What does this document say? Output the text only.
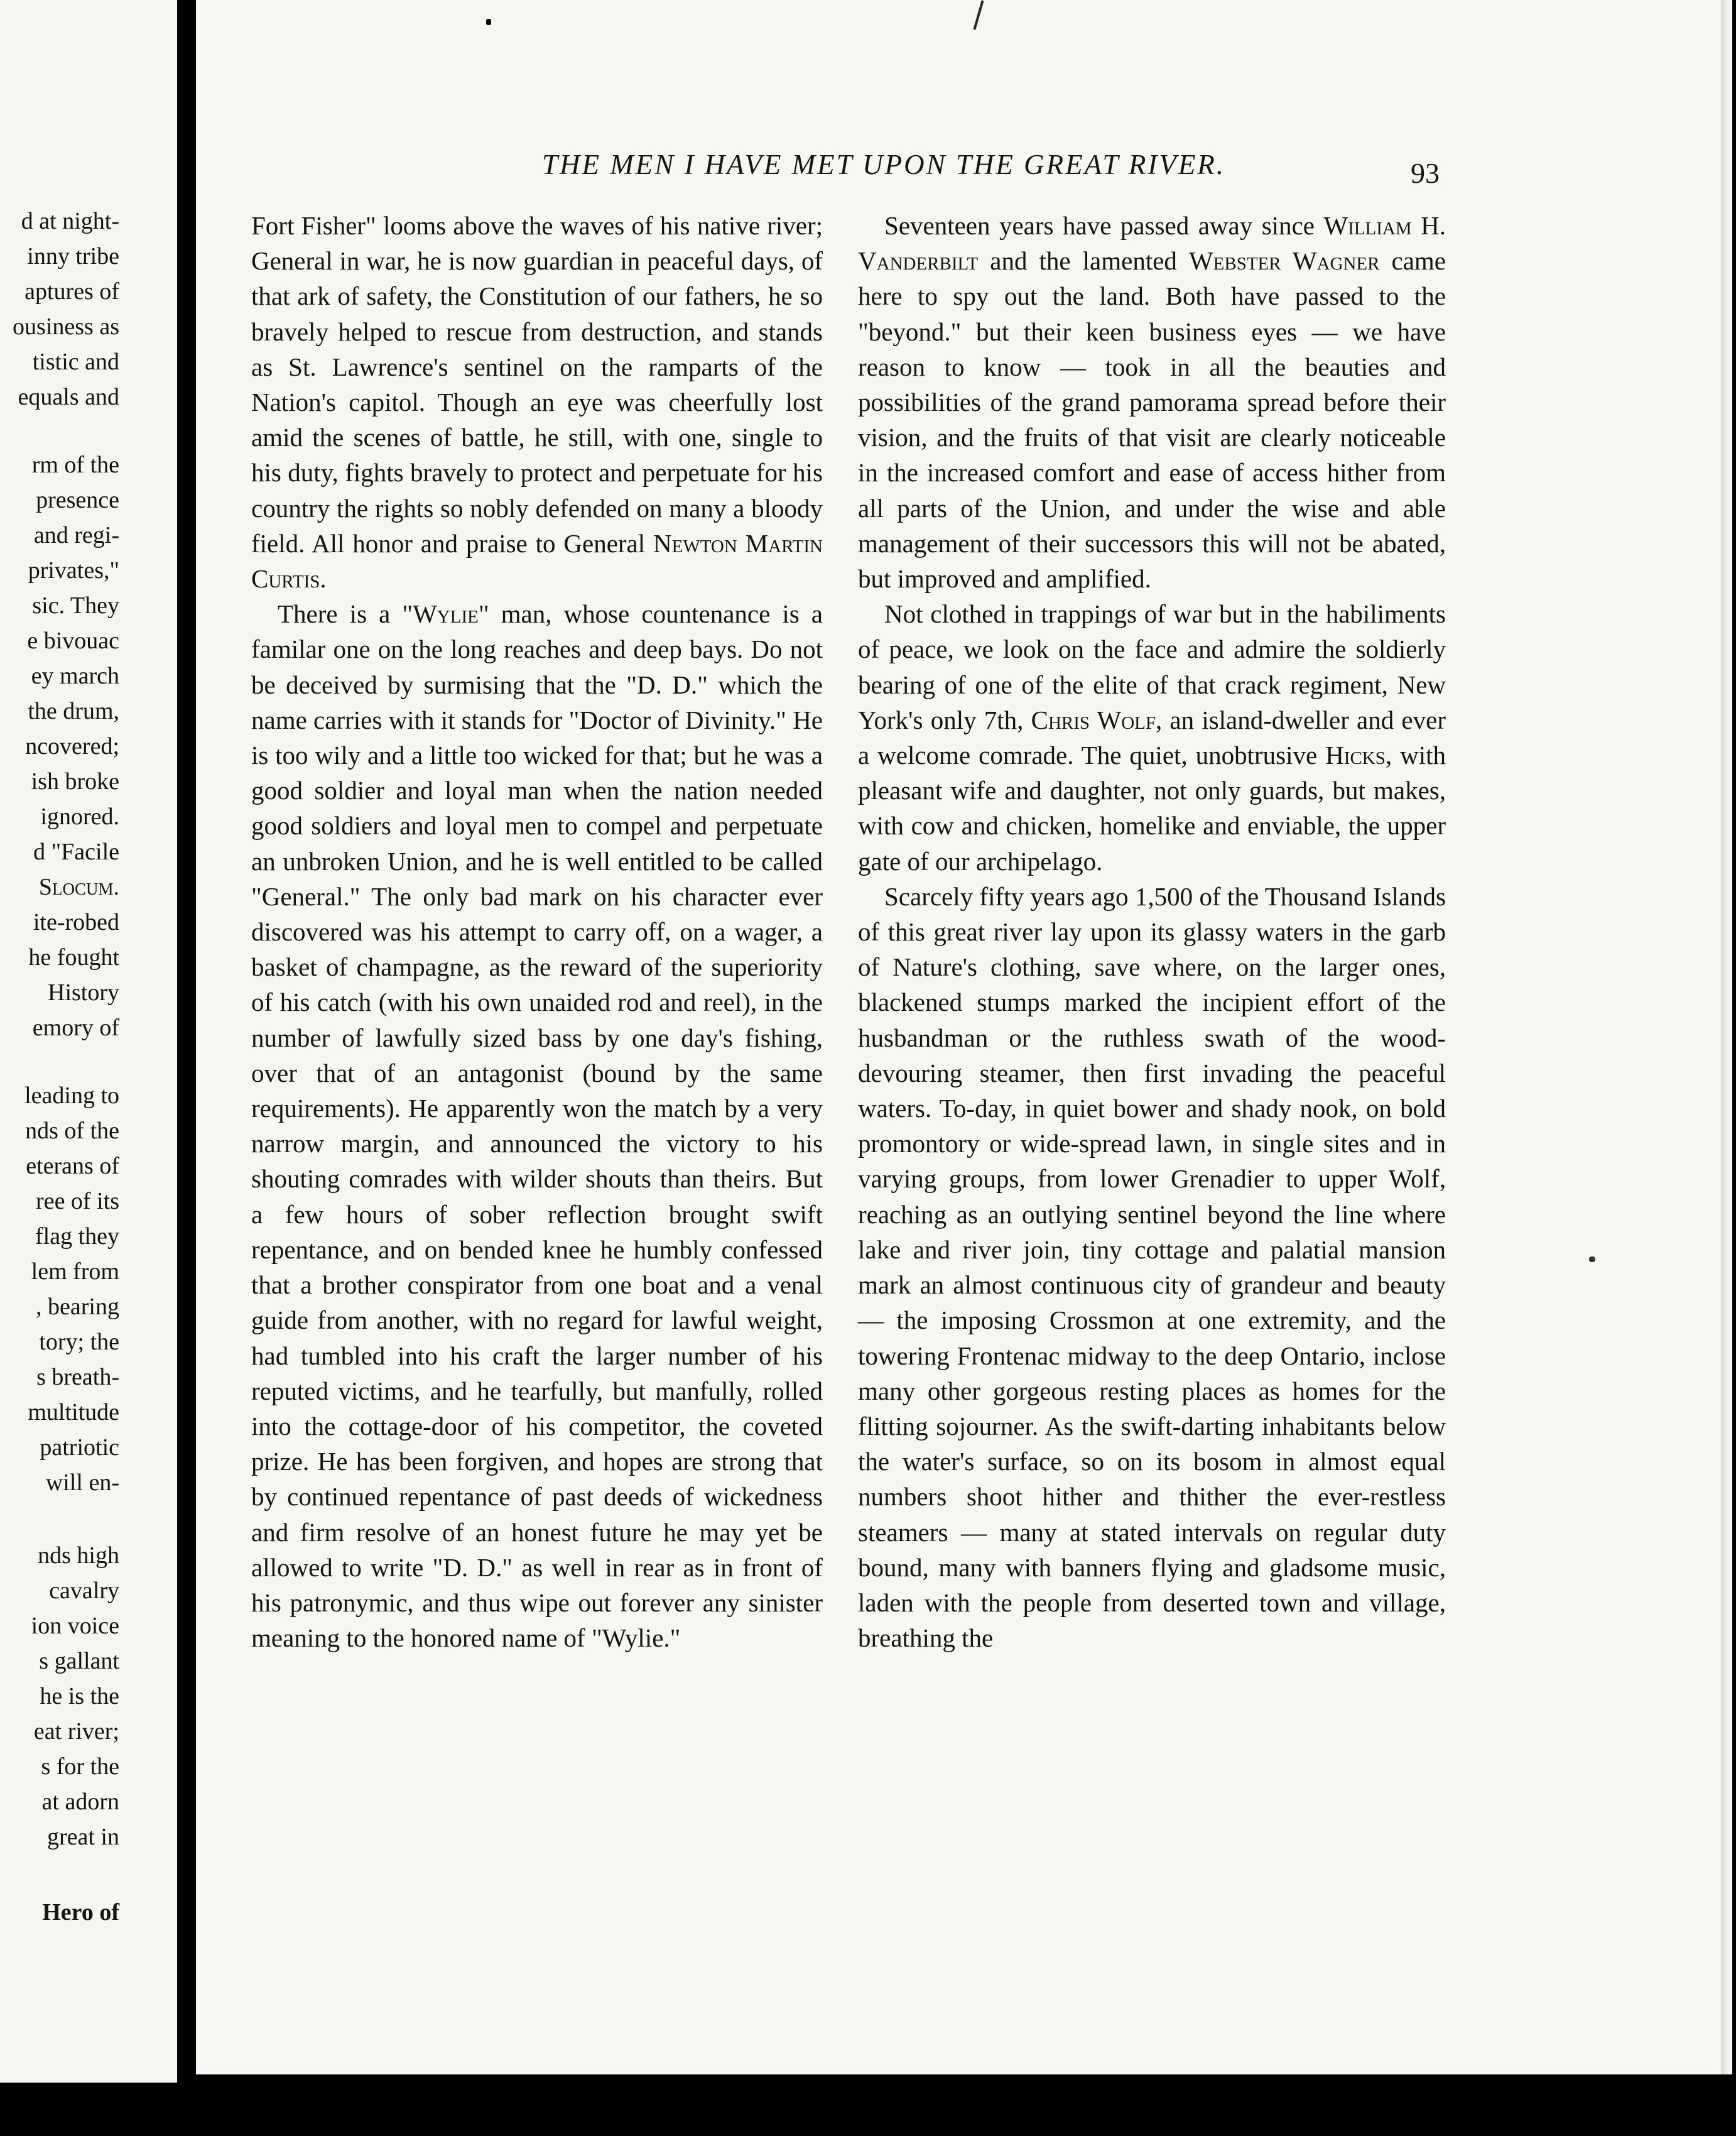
d at night-
inny tribe
aptures of
ousiness as
tistic and
equals and
rm of the
presence
and regi-
privates,"
sic. They
e bivouac
ey march
the drum,
ncovered;
ish broke
ignored.
d "Facile
Slocum.
ite-robed
he fought
History
emory of
leading to
nds of the
eterans of
ree of its
flag they
lem from
, bearing
tory; the
s breath-
multitude
patriotic
will en-
nds high
cavalry
ion voice
s gallant
he is the
eat river;
s for the
at adorn
great in
Hero of
THE MEN I HAVE MET UPON THE GREAT RIVER.	93

Fort Fisher" looms above the waves of his native river; General in war, he is now guardian in peaceful days, of that ark of safety, the Constitution of our fathers, he so bravely helped to rescue from destruction, and stands as St. Lawrence's sentinel on the ramparts of the Nation's capitol. Though an eye was cheerfully lost amid the scenes of battle, he still, with one, single to his duty, fights bravely to protect and perpetuate for his country the rights so nobly defended on many a bloody field. All honor and praise to General Newton Martin Curtis.

There is a "Wylie" man, whose countenance is a familar one on the long reaches and deep bays. Do not be deceived by surmising that the "D. D." which the name carries with it stands for "Doctor of Divinity." He is too wily and a little too wicked for that; but he was a good soldier and loyal man when the nation needed good soldiers and loyal men to compel and perpetuate an unbroken Union, and he is well entitled to be called "General." The only bad mark on his character ever discovered was his attempt to carry off, on a wager, a basket of champagne, as the reward of the superiority of his catch (with his own unaided rod and reel), in the number of lawfully sized bass by one day's fishing, over that of an antagonist (bound by the same requirements). He apparently won the match by a very narrow margin, and announced the victory to his shouting comrades with wilder shouts than theirs. But a few hours of sober reflection brought swift repentance, and on bended knee he humbly confessed that a brother conspirator from one boat and a venal guide from another, with no regard for lawful weight, had tumbled into his craft the larger number of his reputed victims, and he tearfully, but manfully, rolled into the cottage-door of his competitor, the coveted prize. He has been forgiven, and hopes are strong that by continued repentance of past deeds of wickedness and firm resolve of an honest future he may yet be allowed to write "D. D." as well in rear as in front of his patronymic, and thus wipe out forever any sinister meaning to the honored name of "Wylie."

Seventeen years have passed away since William H. Vanderbilt and the lamented Webster Wagner came here to spy out the land. Both have passed to the "beyond." but their keen business eyes — we have reason to know — took in all the beauties and possibilities of the grand pamorama spread before their vision, and the fruits of that visit are clearly noticeable in the increased comfort and ease of access hither from all parts of the Union, and under the wise and able management of their successors this will not be abated, but improved and amplified.

Not clothed in trappings of war but in the habiliments of peace, we look on the face and admire the soldierly bearing of one of the elite of that crack regiment, New York's only 7th, Chris Wolf, an island-dweller and ever a welcome comrade. The quiet, unobtrusive Hicks, with pleasant wife and daughter, not only guards, but makes, with cow and chicken, homelike and enviable, the upper gate of our archipelago.

Scarcely fifty years ago 1,500 of the Thousand Islands of this great river lay upon its glassy waters in the garb of Nature's clothing, save where, on the larger ones, blackened stumps marked the incipient effort of the husbandman or the ruthless swath of the wood-devouring steamer, then first invading the peaceful waters. To-day, in quiet bower and shady nook, on bold promontory or wide-spread lawn, in single sites and in varying groups, from lower Grenadier to upper Wolf, reaching as an outlying sentinel beyond the line where lake and river join, tiny cottage and palatial mansion mark an almost continuous city of grandeur and beauty — the imposing Crossmon at one extremity, and the towering Frontenac midway to the deep Ontario, inclose many other gorgeous resting places as homes for the flitting sojourner. As the swift-darting inhabitants below the water's surface, so on its bosom in almost equal numbers shoot hither and thither the ever-restless steamers — many at stated intervals on regular duty bound, many with banners flying and gladsome music, laden with the people from deserted town and village, breathing the
